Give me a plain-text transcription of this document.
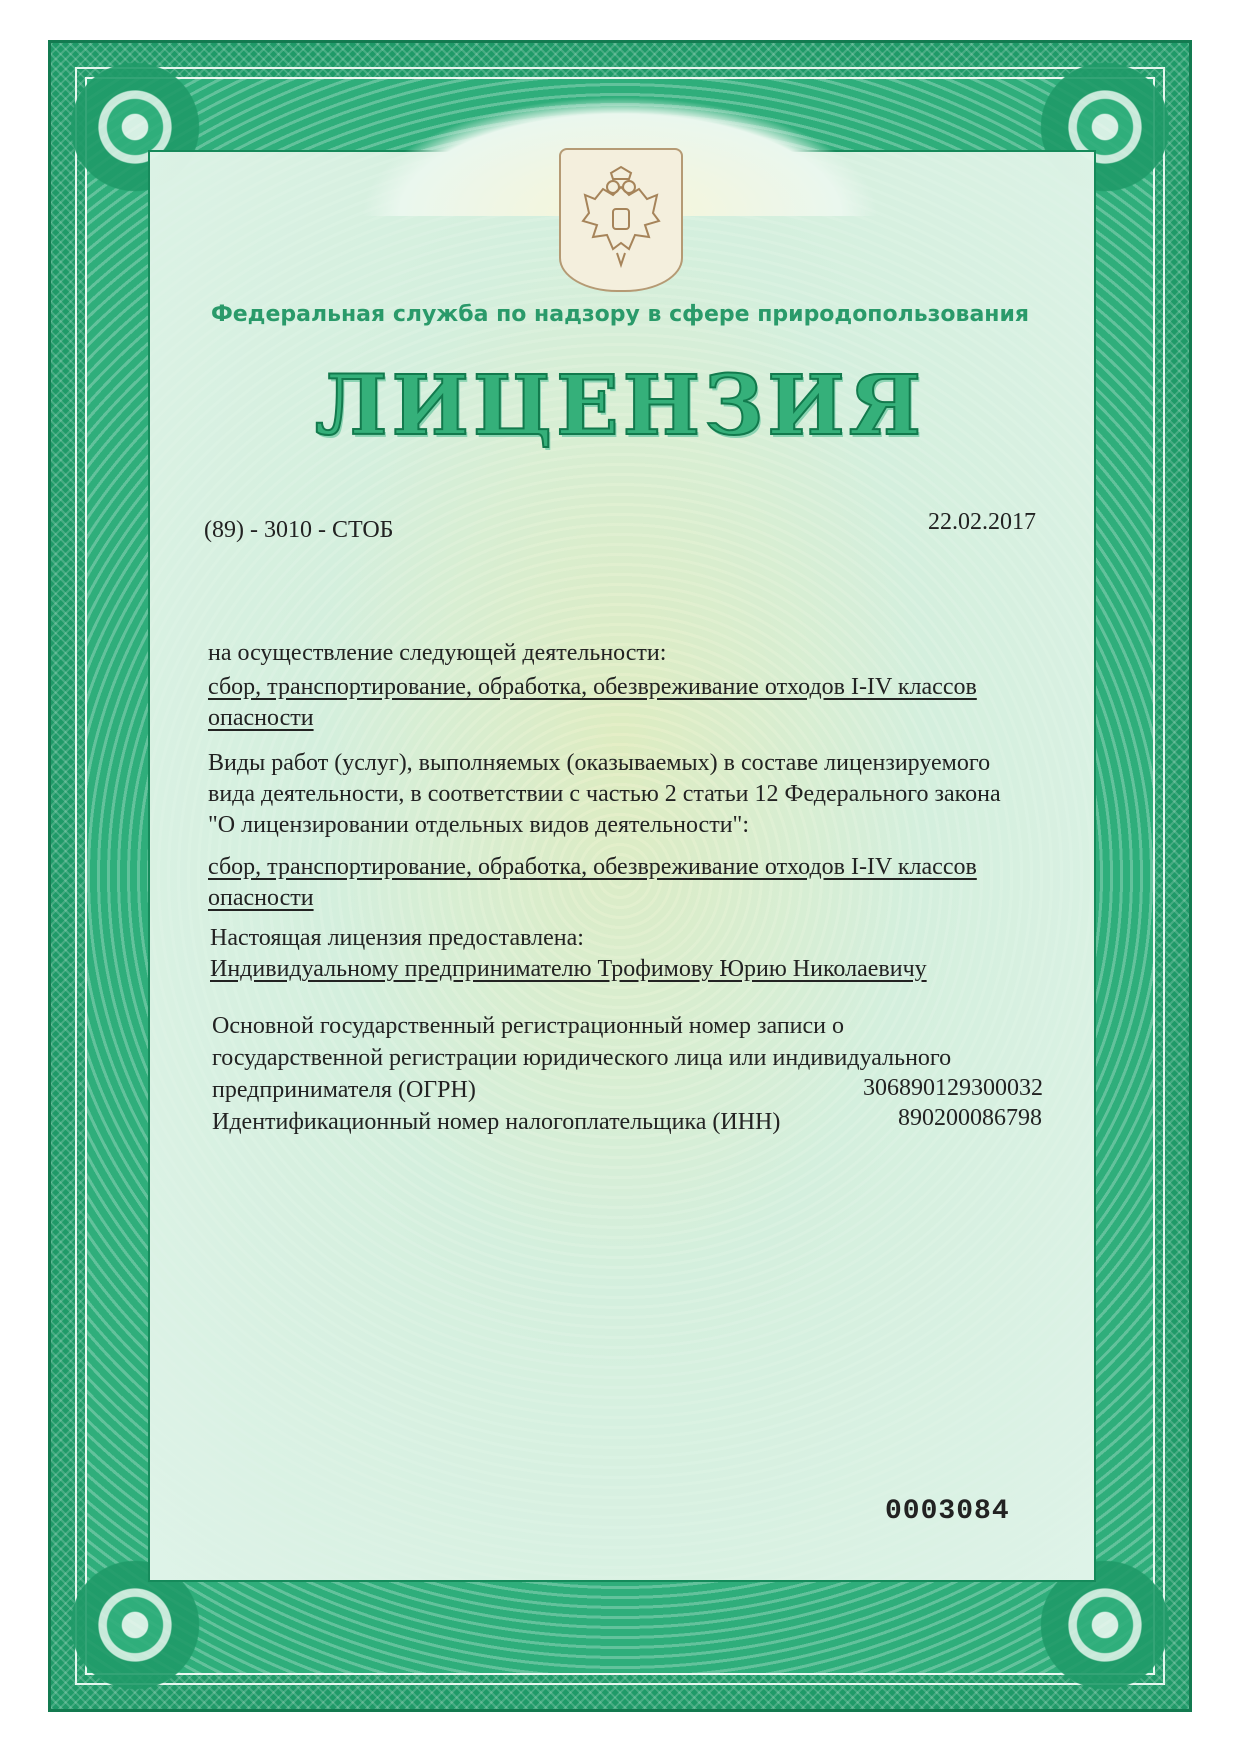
Федеральная служба по надзору в сфере природопользования
ЛИЦЕНЗИЯ
(89) - 3010 - СТОБ	22.02.2017
на осуществление следующей деятельности:
сбор, транспортирование, обработка, обезвреживание отходов I-IV классов
опасности
Виды работ (услуг), выполняемых (оказываемых) в составе лицензируемого
вида деятельности, в соответствии с частью 2 статьи 12 Федерального закона
"О лицензировании отдельных видов деятельности":
сбор, транспортирование, обработка, обезвреживание отходов I-IV классов
опасности
Настоящая лицензия предоставлена:
Индивидуальному предпринимателю Трофимову Юрию Николаевичу
Основной государственный регистрационный номер записи о
государственной регистрации юридического лица или индивидуального
предпринимателя (ОГРН)	306890129300032
Идентификационный номер налогоплательщика (ИНН)	890200086798
0003084
